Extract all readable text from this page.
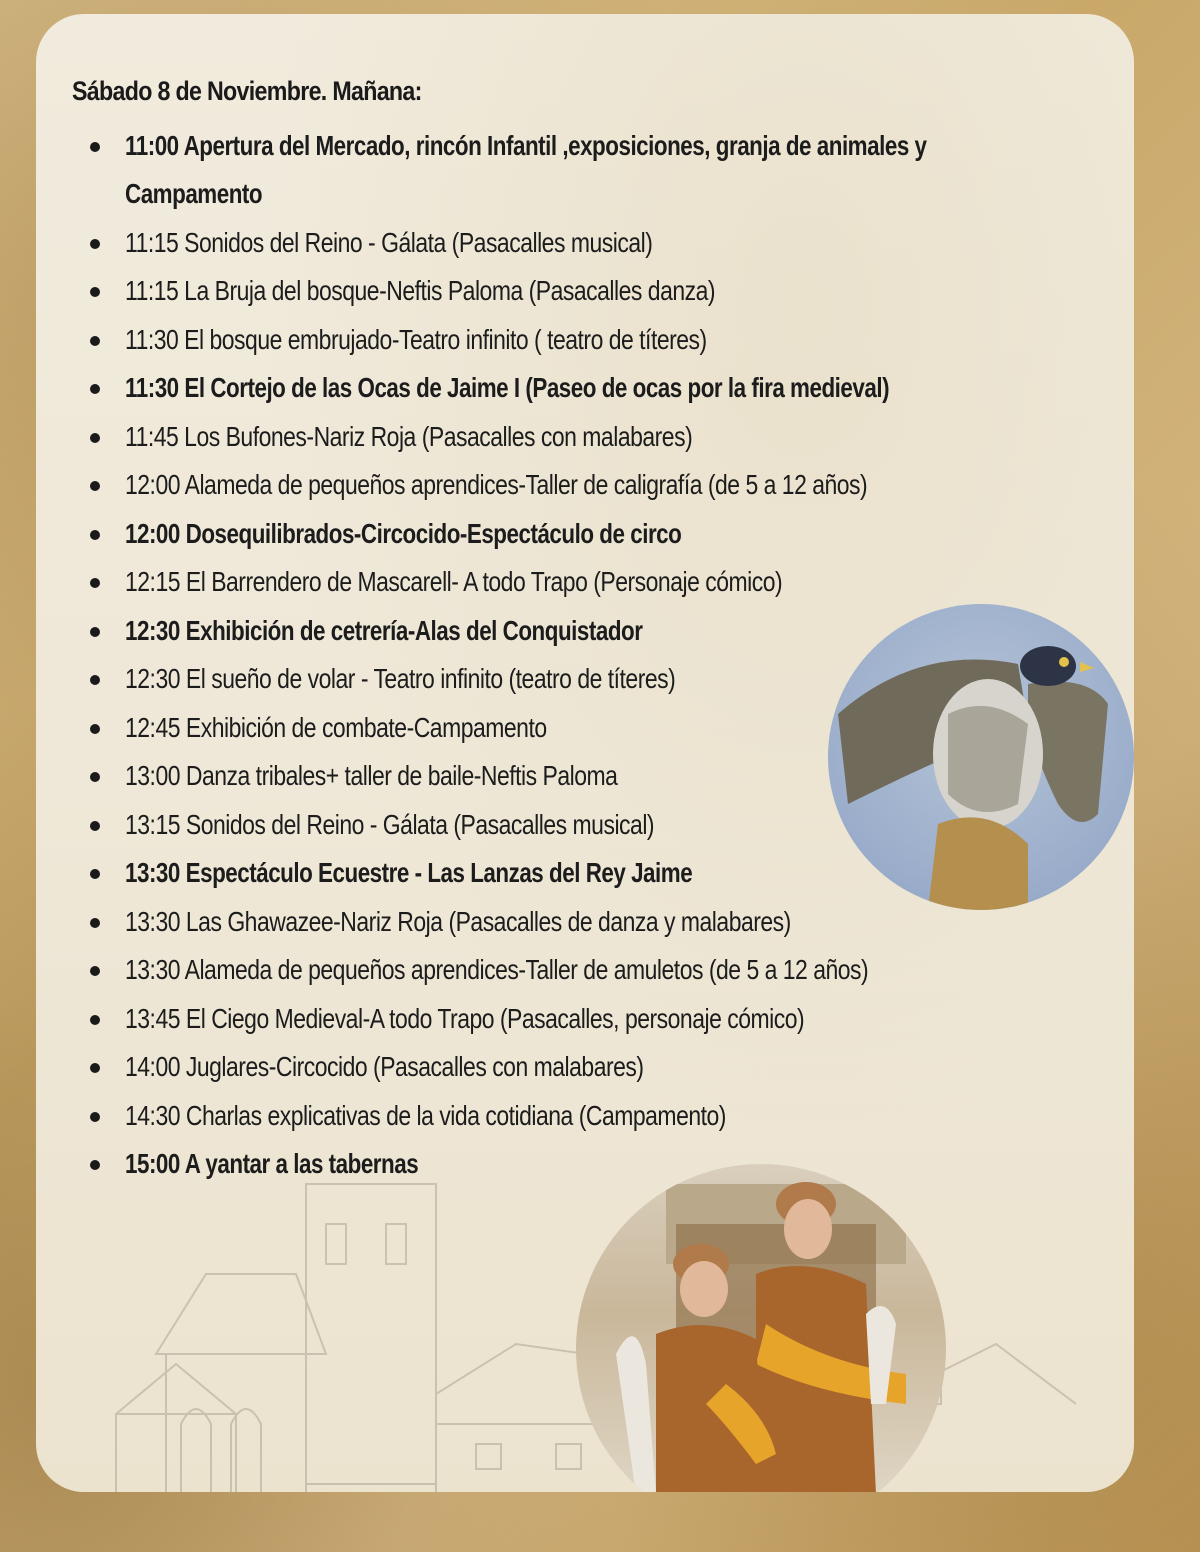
Sábado 8 de Noviembre. Mañana:
11:00 Apertura del Mercado, rincón Infantil ,exposiciones, granja de animales y Campamento
11:15 Sonidos del Reino - Gálata (Pasacalles musical)
11:15 La Bruja del bosque-Neftis Paloma (Pasacalles danza)
11:30 El bosque embrujado-Teatro infinito ( teatro de títeres)
11:30 El Cortejo de las Ocas de Jaime I (Paseo de ocas por la fira medieval)
11:45 Los Bufones-Nariz Roja (Pasacalles con malabares)
12:00 Alameda de pequeños aprendices-Taller de caligrafía (de 5 a 12 años)
12:00 Dosequilibrados-Circocido-Espectáculo de circo
12:15 El Barrendero de Mascarell- A todo Trapo (Personaje cómico)
12:30 Exhibición de cetrería-Alas del Conquistador
12:30 El sueño de volar - Teatro infinito (teatro de títeres)
12:45 Exhibición de combate-Campamento
13:00 Danza tribales+ taller de baile-Neftis Paloma
13:15 Sonidos del Reino - Gálata (Pasacalles musical)
13:30 Espectáculo Ecuestre - Las Lanzas del Rey Jaime
13:30 Las Ghawazee-Nariz Roja (Pasacalles de danza y malabares)
13:30 Alameda de pequeños aprendices-Taller de amuletos (de 5 a 12 años)
13:45 El Ciego Medieval-A todo Trapo (Pasacalles, personaje cómico)
14:00 Juglares-Circocido (Pasacalles con malabares)
14:30 Charlas explicativas de la vida cotidiana (Campamento)
15:00 A yantar a las tabernas
